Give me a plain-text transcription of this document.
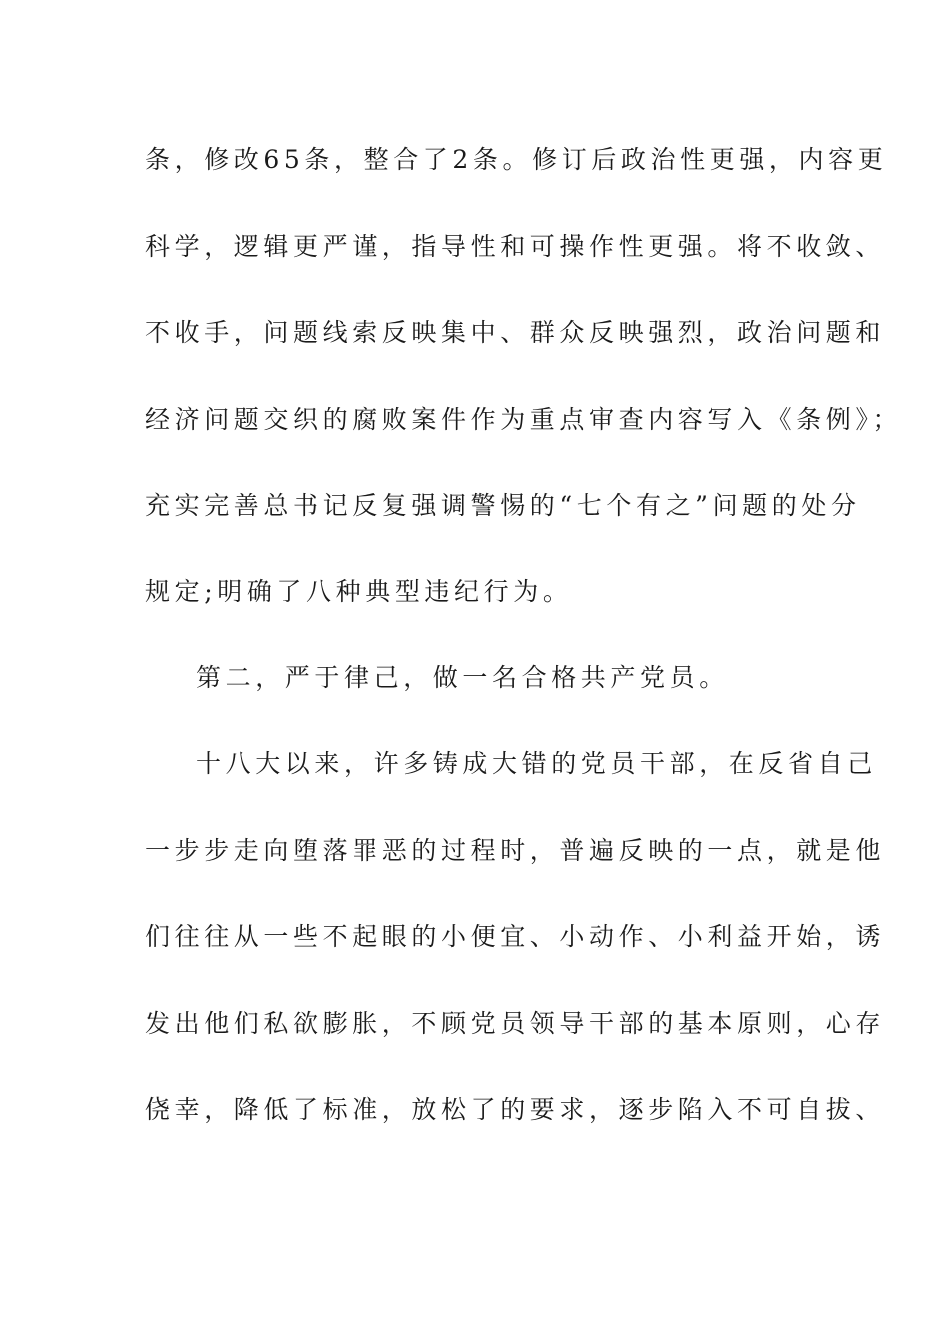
条，修改65条，整合了2条。修订后政治性更强，内容更
科学，逻辑更严谨，指导性和可操作性更强。将不收敛、
不收手，问题线索反映集中、群众反映强烈，政治问题和
经济问题交织的腐败案件作为重点审查内容写入《条例》；
充实完善总书记反复强调警惕的“七个有之”问题的处分
规定;明确了八种典型违纪行为。
第二，严于律己，做一名合格共产党员。
十八大以来，许多铸成大错的党员干部，在反省自己
一步步走向堕落罪恶的过程时，普遍反映的一点，就是他
们往往从一些不起眼的小便宜、小动作、小利益开始，诱
发出他们私欲膨胀，不顾党员领导干部的基本原则，心存
侥幸，降低了标准，放松了的要求，逐步陷入不可自拔、
